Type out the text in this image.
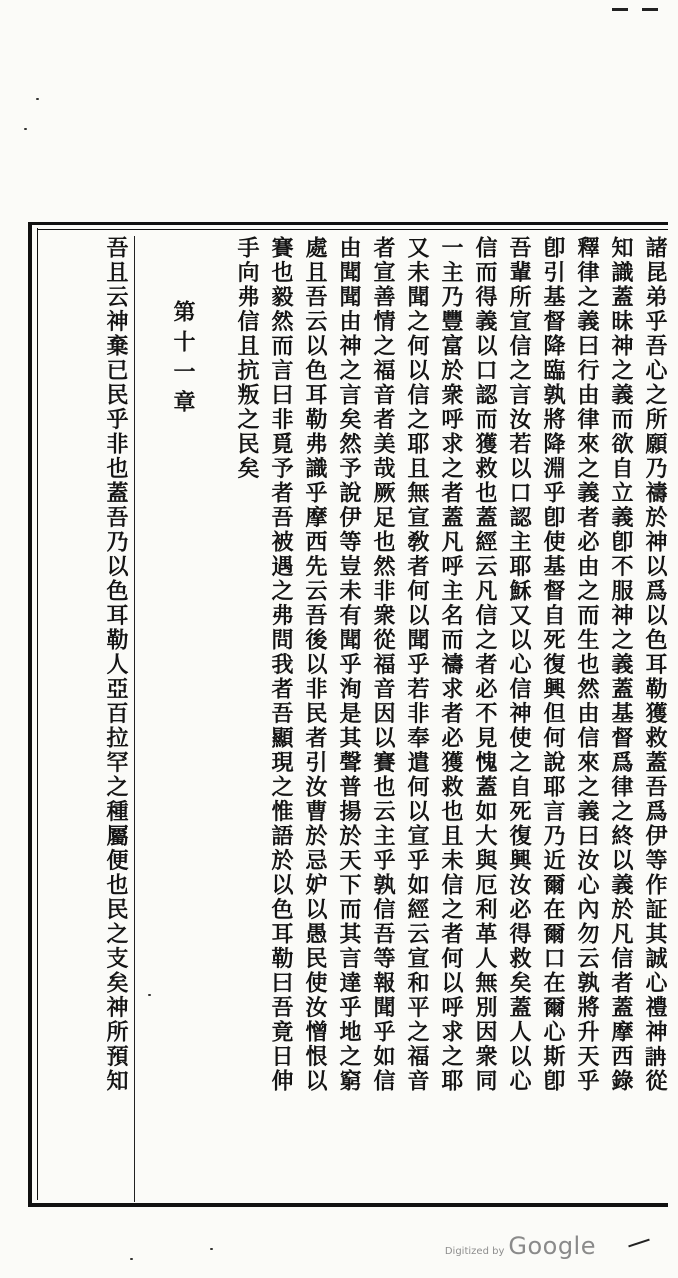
諸昆弟乎吾心之所願乃禱於神以爲以色耳勒獲救蓋吾爲伊等作証其誠心禮神𧦦從
知識蓋昧神之義而欲自立義卽不服神之義蓋基督爲律之終以義於凡信者蓋摩西錄
釋律之義曰行由律來之義者必由之而生也然由信來之義曰汝心內勿云孰將升天乎
卽引基督降臨孰將降淵乎卽使基督自死復興但何說耶言乃近爾在爾口在爾心斯卽
吾輩所宣信之言汝若以口認主耶穌又以心信神使之自死復興汝必得救矣蓋人以心
信而得義以口認而獲救也蓋經云凡信之者必不見愧蓋如大與厄利革人無別因衆同
一主乃豐富於衆呼求之者蓋凡呼主名而禱求者必獲救也且未信之者何以呼求之耶
又未聞之何以信之耶且無宣敎者何以聞乎若非奉遣何以宣乎如經云宣和平之福音
者宣善情之福音者美哉厥足也然非衆從福音因以賽也云主乎孰信吾等報聞乎如信
由聞聞由神之言矣然予說伊等豈未有聞乎洵是其聲普揚於天下而其言達乎地之窮
處且吾云以色耳勒弗識乎摩西先云吾後以非民者引汝曹於忌妒以愚民使汝憎恨以
賽也毅然而言曰非覓予者吾被遇之弗問我者吾顯現之惟語於以色耳勒曰吾竟日伸
手向弗信且抗叛之民矣
第十一章
吾且云神棄已民乎非也蓋吾乃以色耳勒人亞百拉罕之種屬便也民之支矣神所預知
Digitized by Google
